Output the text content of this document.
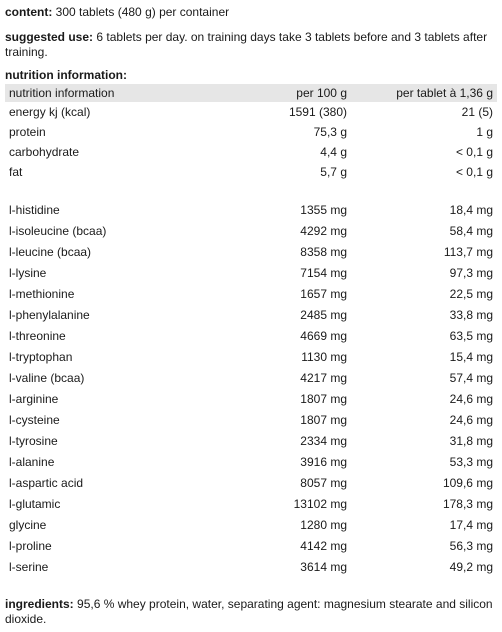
content: 300 tablets (480 g) per container

suggested use: 6 tablets per day. on training days take 3 tablets before and 3 tablets after training.

nutrition information:

nutrition information	per 100 g	per tablet à 1,36 g
energy kj (kcal)	1591 (380)	21 (5)
protein	75,3 g	1 g
carbohydrate	4,4 g	< 0,1 g
fat	5,7 g	< 0,1 g

l-histidine	1355 mg	18,4 mg
l-isoleucine (bcaa)	4292 mg	58,4 mg
l-leucine (bcaa)	8358 mg	113,7 mg
l-lysine	7154 mg	97,3 mg
l-methionine	1657 mg	22,5 mg
l-phenylalanine	2485 mg	33,8 mg
l-threonine	4669 mg	63,5 mg
l-tryptophan	1130 mg	15,4 mg
l-valine (bcaa)	4217 mg	57,4 mg
l-arginine	1807 mg	24,6 mg
l-cysteine	1807 mg	24,6 mg
l-tyrosine	2334 mg	31,8 mg
l-alanine	3916 mg	53,3 mg
l-aspartic acid	8057 mg	109,6 mg
l-glutamic	13102 mg	178,3 mg
glycine	1280 mg	17,4 mg
l-proline	4142 mg	56,3 mg
l-serine	3614 mg	49,2 mg

ingredients: 95,6 % whey protein, water, separating agent: magnesium stearate and silicon dioxide.
